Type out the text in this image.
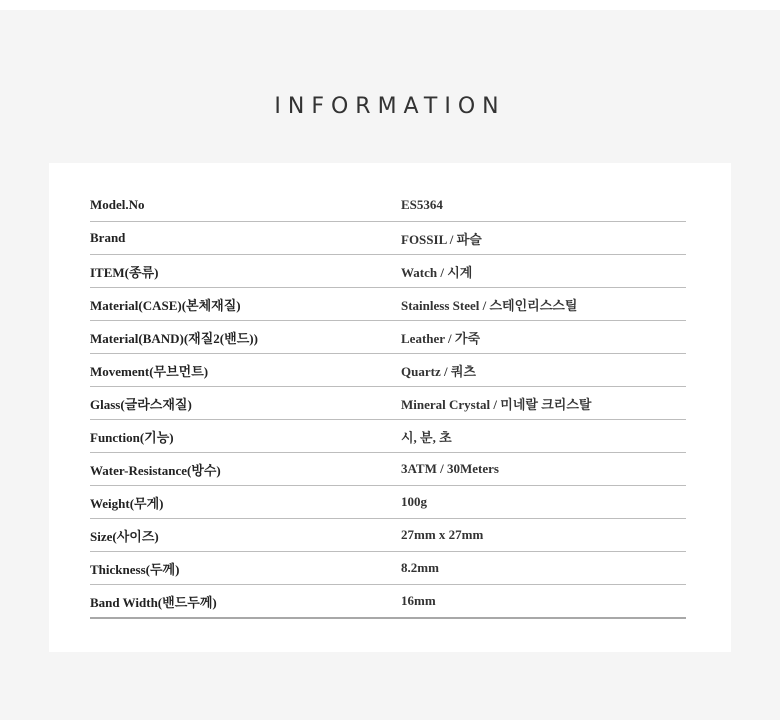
INFORMATION
Model.No	ES5364
Brand	FOSSIL / 파슬
ITEM(종류)	Watch / 시계
Material(CASE)(본체재질)	Stainless Steel / 스테인리스스틸
Material(BAND)(재질2(밴드))	Leather / 가죽
Movement(무브먼트)	Quartz / 쿼츠
Glass(글라스재질)	Mineral Crystal / 미네랄 크리스탈
Function(기능)	시, 분, 초
Water-Resistance(방수)	3ATM / 30Meters
Weight(무게)	100g
Size(사이즈)	27mm x 27mm
Thickness(두께)	8.2mm
Band Width(밴드두께)	16mm
